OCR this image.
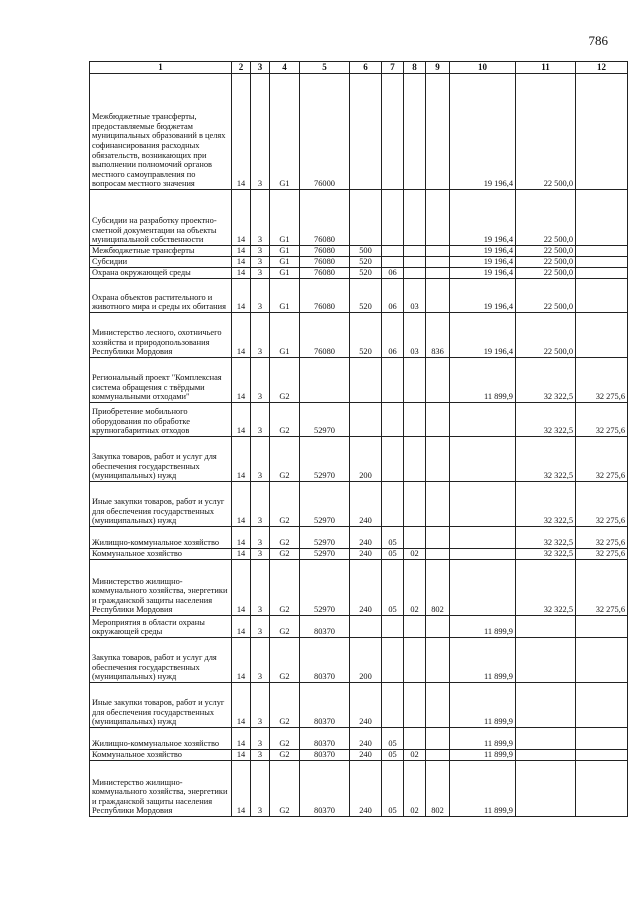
786
1	2	3	4	5	6	7	8	9	10	11	12
Межбюджетные трансферты, предоставляемые бюджетам муниципальных образований в целях софинансирования расходных обязательств, возникающих при выполнении полномочий органов местного самоуправления по вопросам местного значения	14	3	G1	76000					19 196,4	22 500,0	
Субсидии на разработку проектно-сметной документации на объекты муниципальной собственности	14	3	G1	76080					19 196,4	22 500,0	
Межбюджетные трансферты	14	3	G1	76080	500				19 196,4	22 500,0	
Субсидии	14	3	G1	76080	520				19 196,4	22 500,0	
Охрана окружающей среды	14	3	G1	76080	520	06			19 196,4	22 500,0	
Охрана объектов растительного и животного мира и среды их обитания	14	3	G1	76080	520	06	03		19 196,4	22 500,0	
Министерство лесного, охотничьего хозяйства и природопользования Республики Мордовия	14	3	G1	76080	520	06	03	836	19 196,4	22 500,0	
Региональный проект "Комплексная система обращения с твёрдыми коммунальными отходами"	14	3	G2						11 899,9	32 322,5	32 275,6
Приобретение мобильного оборудования по обработке крупногабаритных отходов	14	3	G2	52970						32 322,5	32 275,6
Закупка товаров, работ и услуг для обеспечения государственных (муниципальных) нужд	14	3	G2	52970	200					32 322,5	32 275,6
Иные закупки товаров, работ и услуг для обеспечения государственных (муниципальных) нужд	14	3	G2	52970	240					32 322,5	32 275,6
Жилищно-коммунальное хозяйство	14	3	G2	52970	240	05				32 322,5	32 275,6
Коммунальное хозяйство	14	3	G2	52970	240	05	02			32 322,5	32 275,6
Министерство жилищно-коммунального хозяйства, энергетики и гражданской защиты населения Республики Мордовия	14	3	G2	52970	240	05	02	802		32 322,5	32 275,6
Мероприятия в области охраны окружающей среды	14	3	G2	80370					11 899,9		
Закупка товаров, работ и услуг для обеспечения государственных (муниципальных) нужд	14	3	G2	80370	200				11 899,9		
Иные закупки товаров, работ и услуг для обеспечения государственных (муниципальных) нужд	14	3	G2	80370	240				11 899,9		
Жилищно-коммунальное хозяйство	14	3	G2	80370	240	05			11 899,9		
Коммунальное хозяйство	14	3	G2	80370	240	05	02		11 899,9		
Министерство жилищно-коммунального хозяйства, энергетики и гражданской защиты населения Республики Мордовия	14	3	G2	80370	240	05	02	802	11 899,9		
